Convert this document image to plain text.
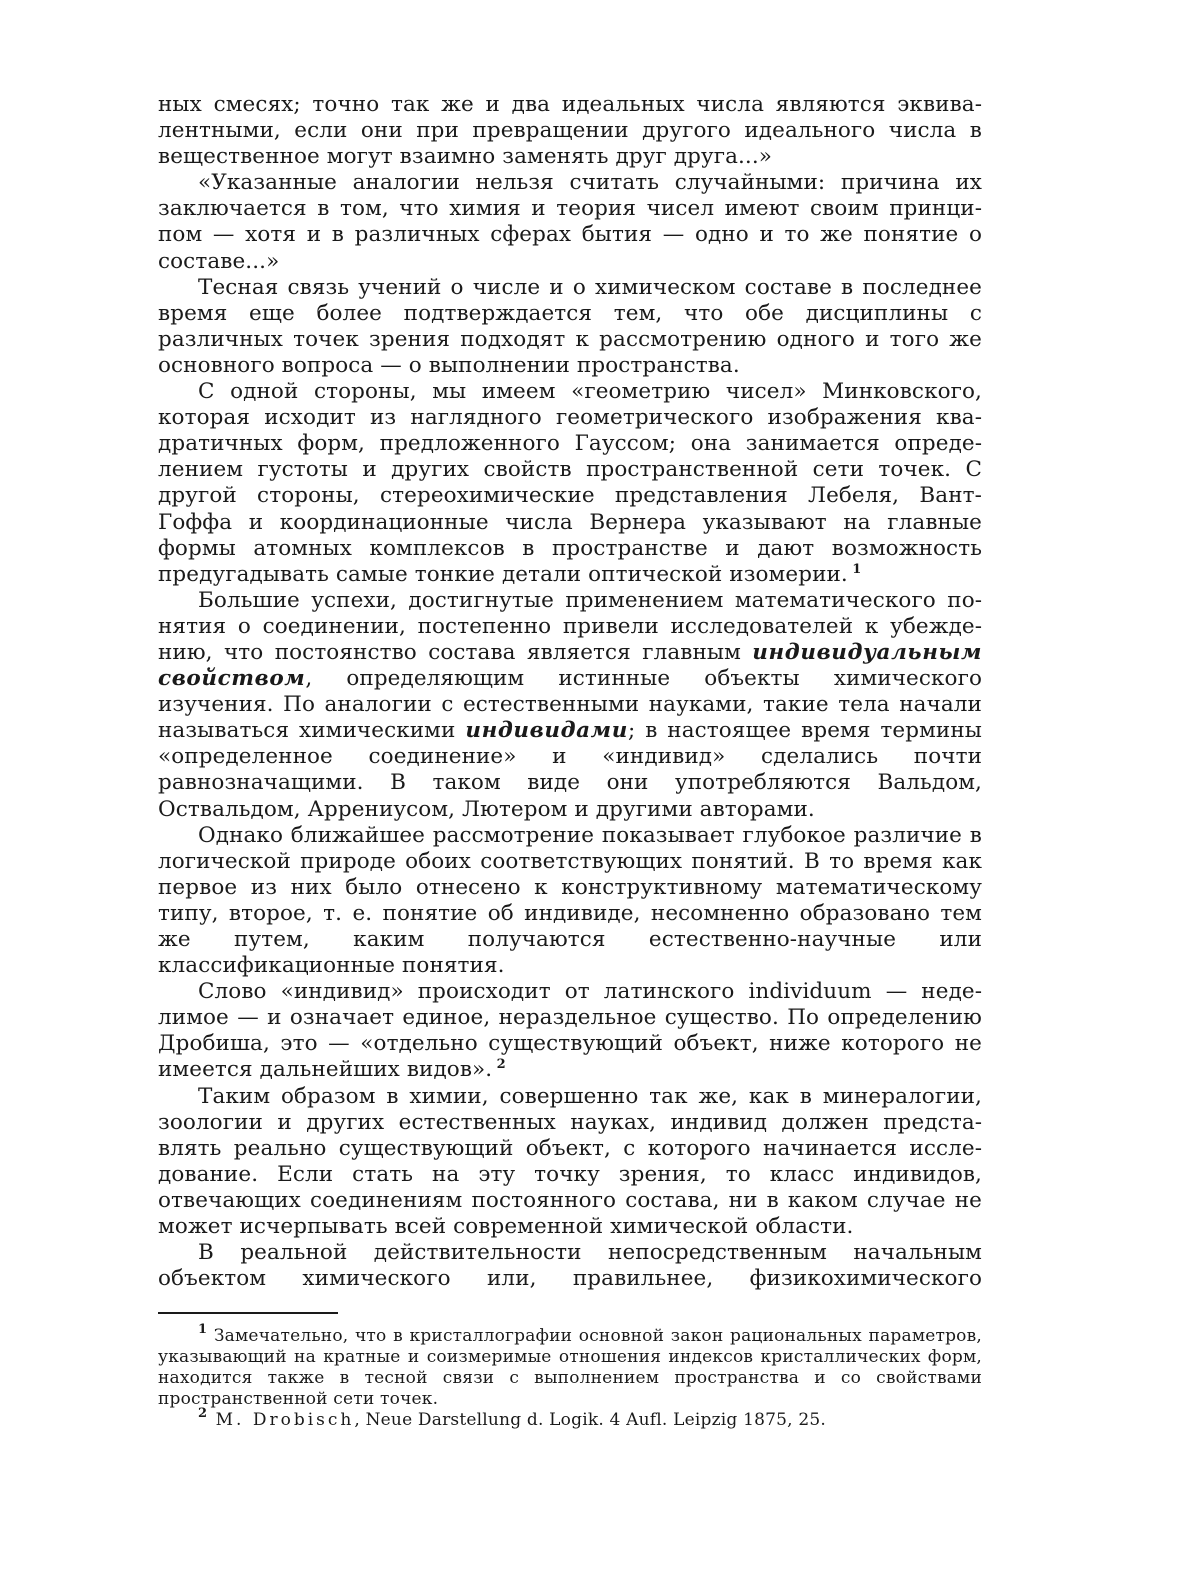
ных смесях; точно так же и два идеальных числа являются эквивалентными, если они при превращении другого идеального числа в вещественное могут взаимно заменять друг друга...»

«Указанные аналогии нельзя считать случайными: причина их заключается в том, что химия и теория чисел имеют своим принципом — хотя и в различных сферах бытия — одно и то же понятие о составе...»

Тесная связь учений о числе и о химическом составе в последнее время еще более подтверждается тем, что обе дисциплины с различных точек зрения подходят к рассмотрению одного и того же основного вопроса — о выполнении пространства.

С одной стороны, мы имеем «геометрию чисел» Минковского, которая исходит из наглядного геометрического изображения квадратичных форм, предложенного Гауссом; она занимается определением густоты и других свойств пространственной сети точек. С другой стороны, стереохимические представления Лебеля, Вант-Гоффа и координационные числа Вернера указывают на главные формы атомных комплексов в пространстве и дают возможность предугадывать самые тонкие детали оптической изомерии.  $^1$

Большие успехи, достигнутые применением математического понятия о соединении, постепенно привели исследователей к убеждению, что постоянство состава является главным индивидуальным свойством, определяющим истинные объекты химического изучения. По аналогии с естественными науками, такие тела начали называться химическими индивидами; в настоящее время термины «определенное соединение» и «индивид» сделались почти равнозначащими. В таком виде они употребляются Вальдом, Оствальдом, Аррениусом, Лютером и другими авторами.

Однако ближайшее рассмотрение показывает глубокое различие в логической природе обоих соответствующих понятий. В то время как первое из них было отнесено к конструктивному математическому типу, второе, т. е. понятие об индивиде, несомненно образовано тем же путем, каким получаются естественно-научные или классификационные понятия.

Слово «индивид» происходит от латинского individuum — неделимое — и означает единое, нераздельное существо. По определению Дробиша, это — «отдельно существующий объект, ниже которого не имеется дальнейших видов».  $^2$

Таким образом в химии, совершенно так же, как в минералогии, зоологии и других естественных науках, индивид должен представлять реально существующий объект, с которого начинается исследование. Если стать на эту точку зрения, то класс индивидов, отвечающих соединениям постоянного состава, ни в каком случае не может исчерпывать всей современной химической области.

В реальной действительности непосредственным начальным объектом химического или, правильнее, физикохимического

$^1$ Замечательно, что в кристаллографии основной закон рациональных параметров, указывающий на кратные и соизмеримые отношения индексов кристаллических форм, находится также в тесной связи с выполнением пространства и со свойствами пространственной сети точек.

$^2$ M. Drobisch, Neue Darstellung d. Logik. 4 Aufl. Leipzig 1875, 25.
